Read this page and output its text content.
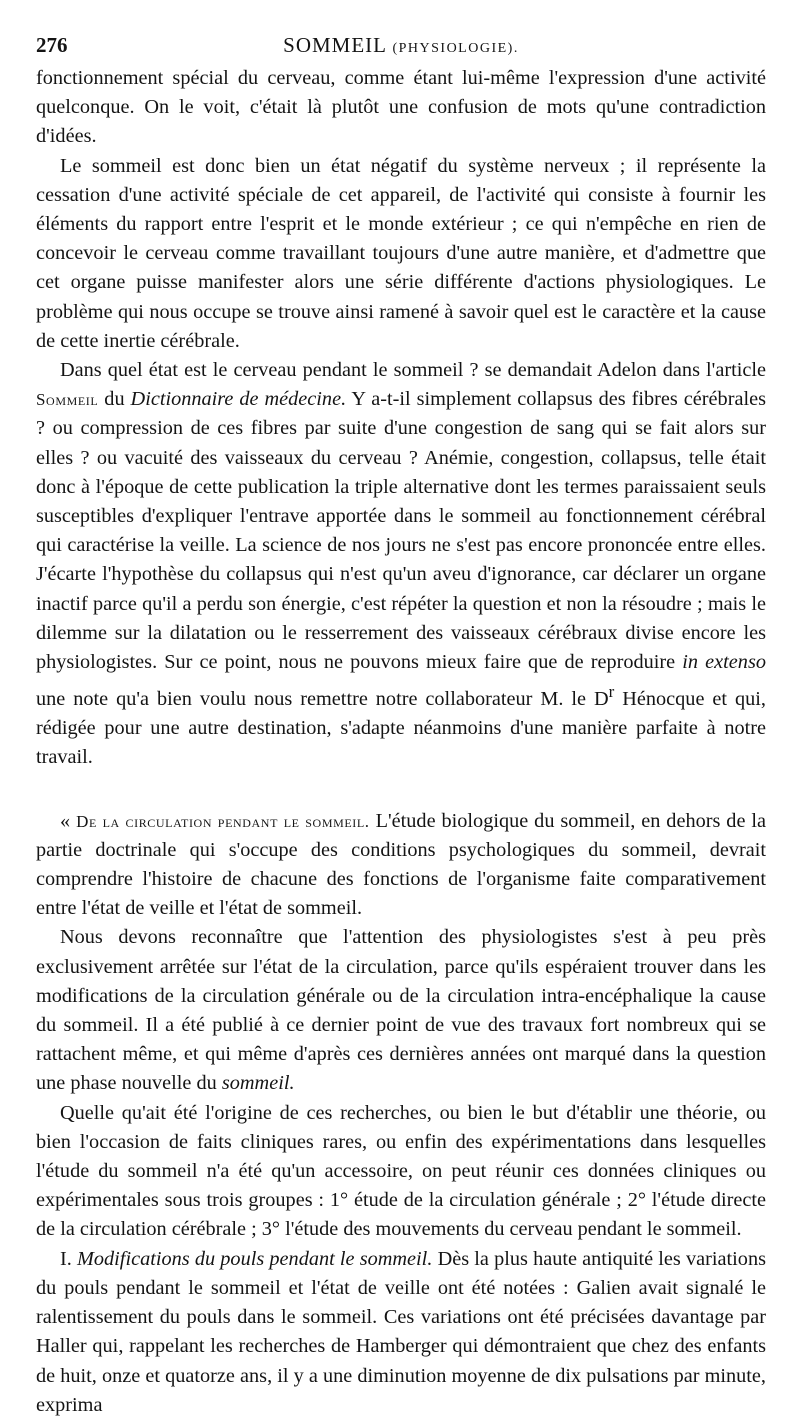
276	SOMMEIL (PHYSIOLOGIE).

fonctionnement spécial du cerveau, comme étant lui-même l'expression d'une activité quelconque. On le voit, c'était là plutôt une confusion de mots qu'une contradiction d'idées.

Le sommeil est donc bien un état négatif du système nerveux ; il représente la cessation d'une activité spéciale de cet appareil, de l'activité qui consiste à fournir les éléments du rapport entre l'esprit et le monde extérieur ; ce qui n'empêche en rien de concevoir le cerveau comme travaillant toujours d'une autre manière, et d'admettre que cet organe puisse manifester alors une série différente d'actions physiologiques. Le problème qui nous occupe se trouve ainsi ramené à savoir quel est le caractère et la cause de cette inertie cérébrale.

Dans quel état est le cerveau pendant le sommeil ? se demandait Adelon dans l'article Sommeil du Dictionnaire de médecine. Y a-t-il simplement collapsus des fibres cérébrales ? ou compression de ces fibres par suite d'une congestion de sang qui se fait alors sur elles ? ou vacuité des vaisseaux du cerveau ? Anémie, congestion, collapsus, telle était donc à l'époque de cette publication la triple alternative dont les termes paraissaient seuls susceptibles d'expliquer l'entrave apportée dans le sommeil au fonctionnement cérébral qui caractérise la veille. La science de nos jours ne s'est pas encore prononcée entre elles. J'écarte l'hypothèse du collapsus qui n'est qu'un aveu d'ignorance, car déclarer un organe inactif parce qu'il a perdu son énergie, c'est répéter la question et non la résoudre ; mais le dilemme sur la dilatation ou le resserrement des vaisseaux cérébraux divise encore les physiologistes. Sur ce point, nous ne pouvons mieux faire que de reproduire in extenso une note qu'a bien voulu nous remettre notre collaborateur M. le $D^r$ Hénocque et qui, rédigée pour une autre destination, s'adapte néanmoins d'une manière parfaite à notre travail.

« De la circulation pendant le sommeil. L'étude biologique du sommeil, en dehors de la partie doctrinale qui s'occupe des conditions psychologiques du sommeil, devrait comprendre l'histoire de chacune des fonctions de l'organisme faite comparativement entre l'état de veille et l'état de sommeil.

Nous devons reconnaître que l'attention des physiologistes s'est à peu près exclusivement arrêtée sur l'état de la circulation, parce qu'ils espéraient trouver dans les modifications de la circulation générale ou de la circulation intra-encéphalique la cause du sommeil. Il a été publié à ce dernier point de vue des travaux fort nombreux qui se rattachent même, et qui même d'après ces dernières années ont marqué dans la question une phase nouvelle du sommeil.

Quelle qu'ait été l'origine de ces recherches, ou bien le but d'établir une théorie, ou bien l'occasion de faits cliniques rares, ou enfin des expérimentations dans lesquelles l'étude du sommeil n'a été qu'un accessoire, on peut réunir ces données cliniques ou expérimentales sous trois groupes : 1° étude de la circulation générale ; 2° l'étude directe de la circulation cérébrale ; 3° l'étude des mouvements du cerveau pendant le sommeil.

I. Modifications du pouls pendant le sommeil. Dès la plus haute antiquité les variations du pouls pendant le sommeil et l'état de veille ont été notées : Galien avait signalé le ralentissement du pouls dans le sommeil. Ces variations ont été précisées davantage par Haller qui, rappelant les recherches de Hamberger qui démontraient que chez des enfants de huit, onze et quatorze ans, il y a une diminution moyenne de dix pulsations par minute, exprima
